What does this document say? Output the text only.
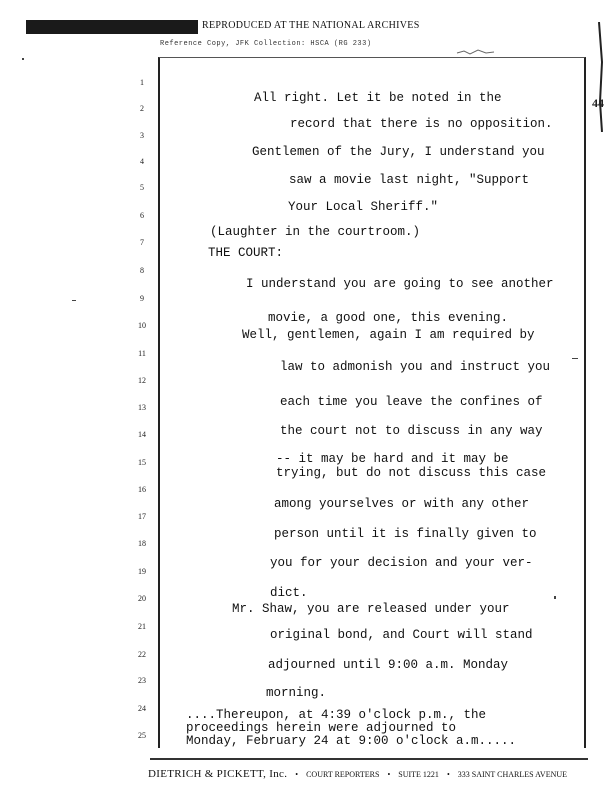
REPRODUCED AT THE NATIONAL ARCHIVES
Reference Copy, JFK Collection: HSCA (RG 233)
44
1
2
3
4
5
6
7
8
9
10
11
12
13
14
15
16
17
18
19
20
21
22
23
24
25
All right. Let it be noted in the
record that there is no opposition.
Gentlemen of the Jury, I understand you
saw a movie last night, "Support
Your Local Sheriff."
(Laughter in the courtroom.)
THE COURT:
I understand you are going to see another
movie, a good one, this evening.
Well, gentlemen, again I am required by
law to admonish you and instruct you
each time you leave the confines of
the court not to discuss in any way
-- it may be hard and it may be
trying, but do not discuss this case
among yourselves or with any other
person until it is finally given to
you for your decision and your ver-
dict.
Mr. Shaw, you are released under your
original bond, and Court will stand
adjourned until 9:00 a.m. Monday
morning.
....Thereupon, at 4:39 o'clock p.m., the
proceedings herein were adjourned to
Monday, February 24 at 9:00 o'clock a.m.....
DIETRICH & PICKETT, Inc. • COURT REPORTERS • SUITE 1221 • 333 SAINT CHARLES AVENUE
